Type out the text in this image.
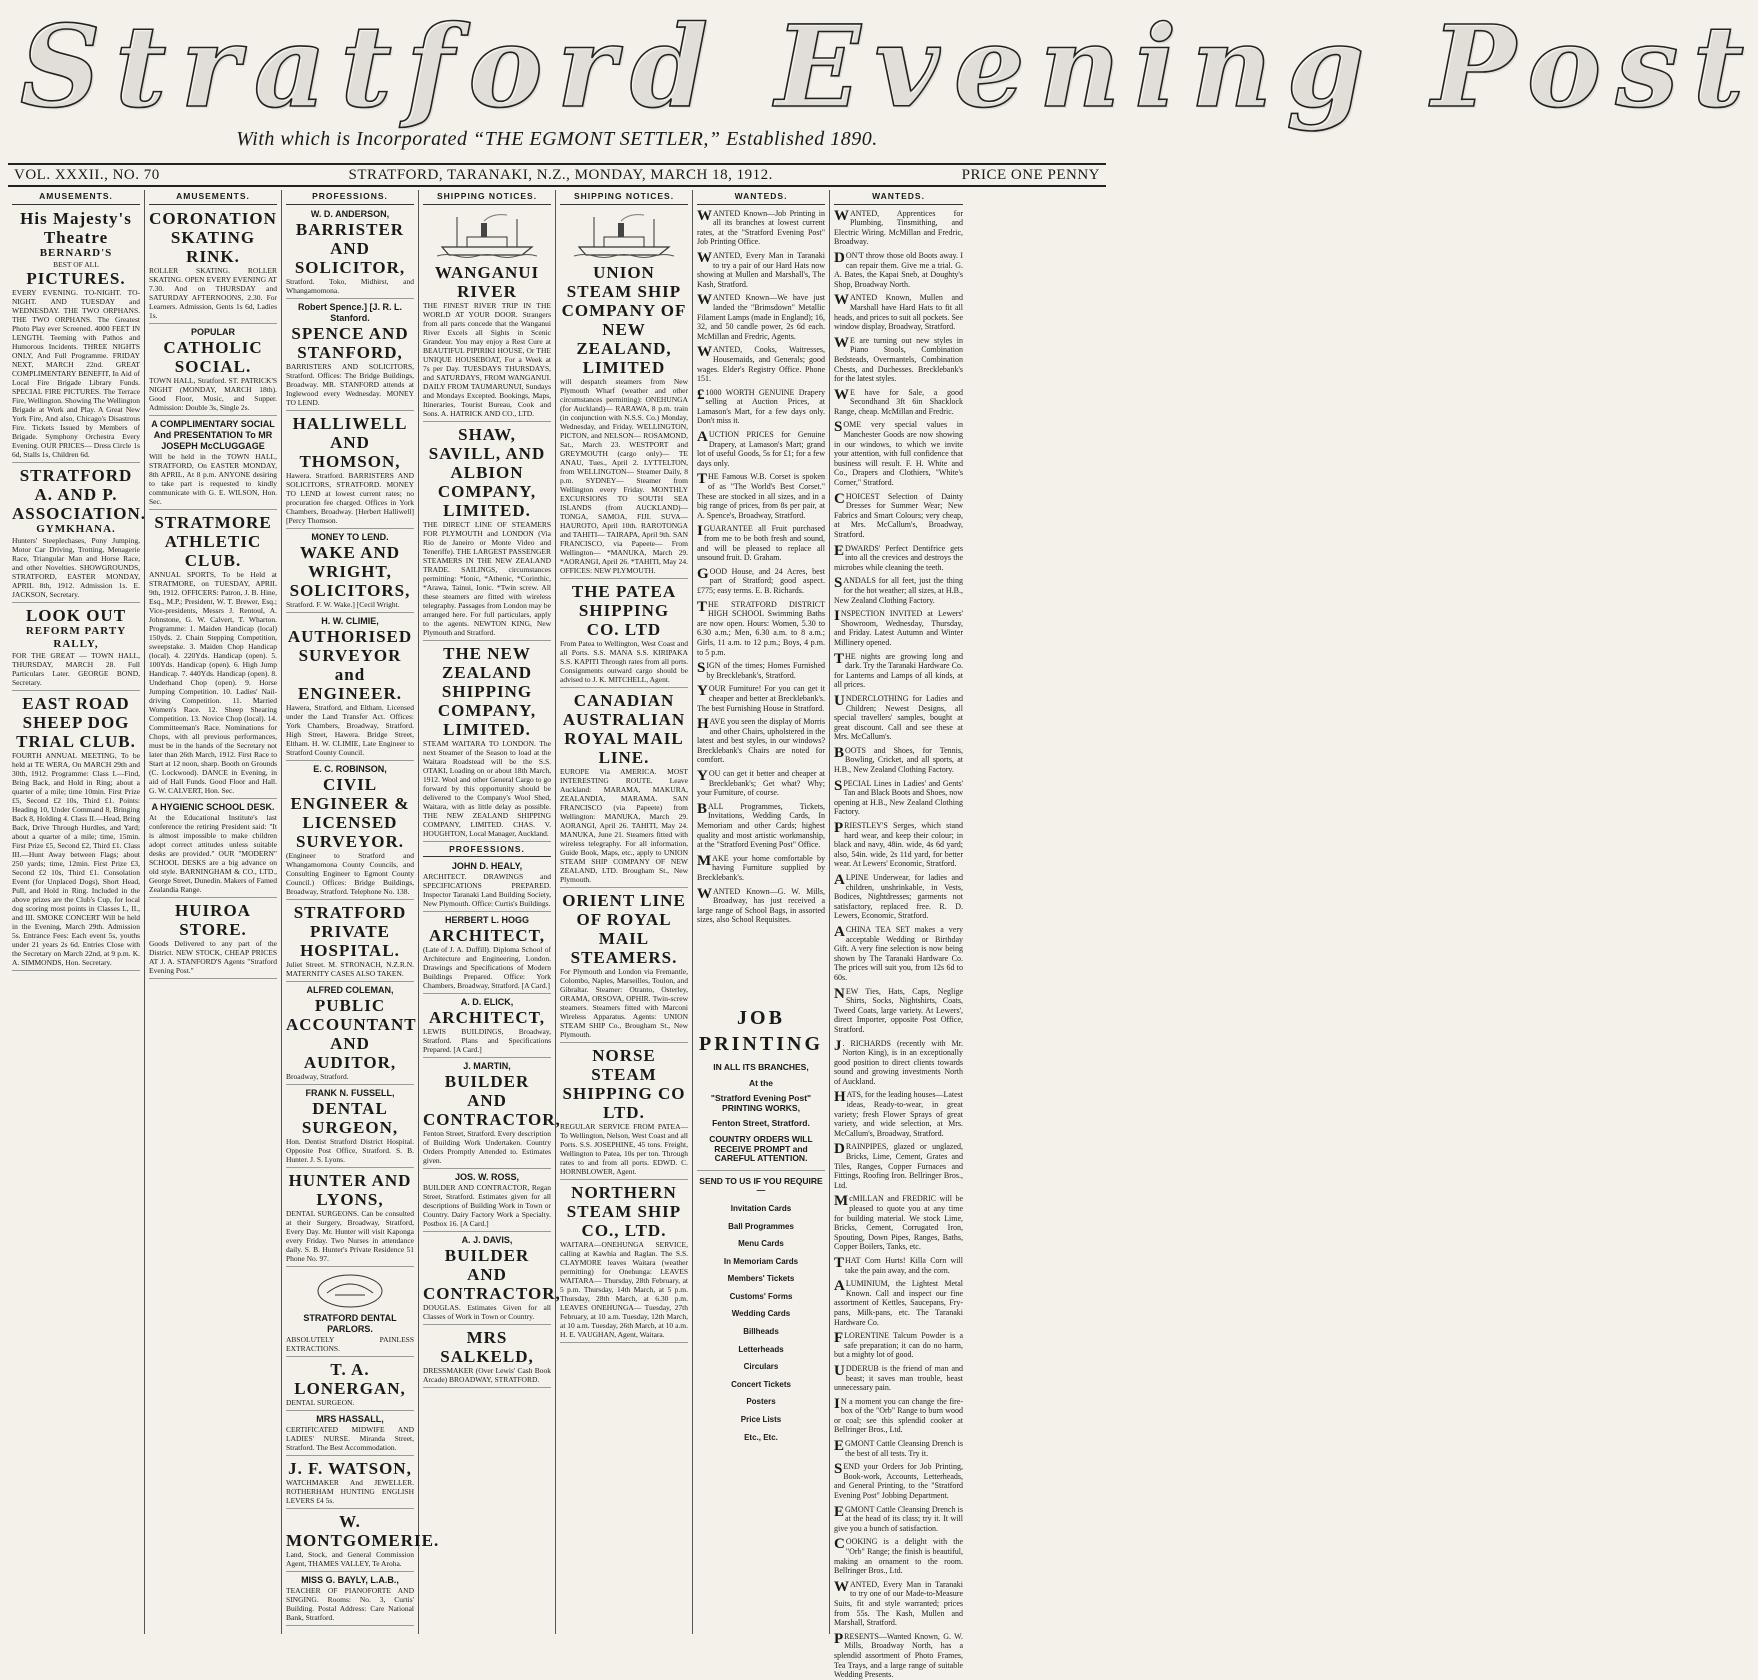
Stratford Evening Post
With which is Incorporated “THE EGMONT SETTLER,” Established 1890.
VOL. XXXII., NO. 70	STRATFORD, TARANAKI, N.Z., MONDAY, MARCH 18, 1912.	PRICE ONE PENNY
AMUSEMENTS.
His Majesty's Theatre
BERNARD'S
BEST OF ALL
PICTURES.
EVERY EVENING. TO-NIGHT. TO-NIGHT. AND TUESDAY and WEDNESDAY. THE TWO ORPHANS. THE TWO ORPHANS. The Greatest Photo Play ever Screened. 4000 FEET IN LENGTH. Teeming with Pathos and Humorous Incidents. THREE NIGHTS ONLY, And Full Programme. FRIDAY NEXT, MARCH 22nd. GREAT COMPLIMENTARY BENEFIT, In Aid of Local Fire Brigade Library Funds. SPECIAL FIRE PICTURES. The Terrace Fire, Wellington. Showing The Wellington Brigade at Work and Play. A Great New York Fire, And also, Chicago's Disastrous Fire. Tickets Issued by Members of Brigade. Symphony Orchestra Every Evening. OUR PRICES— Dress Circle 1s 6d, Stalls 1s, Children 6d.
STRATFORD A. AND P. ASSOCIATION.
GYMKHANA.
Hunters' Steeplechases, Pony Jumping, Motor Car Driving, Trotting, Menagerie Race, Triangular Man and Horse Race, and other Novelties. SHOWGROUNDS, STRATFORD, EASTER MONDAY, APRIL 8th, 1912. Admission 1s. E. JACKSON, Secretary.
LOOK OUT
REFORM PARTY RALLY,
FOR THE GREAT — TOWN HALL, THURSDAY, MARCH 28. Full Particulars Later. GEORGE BOND, Secretary.
EAST ROAD SHEEP DOG TRIAL CLUB.
FOURTH ANNUAL MEETING, To be held at TE WERA, On MARCH 29th and 30th, 1912. Programme: Class I.—Find, Bring Back, and Hold in Ring; about a quarter of a mile; time 10min. First Prize £5, Second £2 10s, Third £1. Points: Heading 10, Under Command 8, Bringing Back 8, Holding 4. Class II.—Head, Bring Back, Drive Through Hurdles, and Yard; about a quarter of a mile; time, 15min. First Prize £5, Second £2, Third £1. Class III.—Hunt Away between Flags; about 250 yards; time, 12min. First Prize £3, Second £2 10s, Third £1. Consolation Event (for Unplaced Dogs), Short Head, Pull, and Hold in Ring. Included in the above prizes are the Club's Cup, for local dog scoring most points in Classes I., II., and III. SMOKE CONCERT Will be held in the Evening, March 29th. Admission 5s. Entrance Fees: Each event 5s, youths under 21 years 2s 6d. Entries Close with the Secretary on March 22nd, at 9 p.m. K. A. SIMMONDS, Hon. Secretary.
AMUSEMENTS.
CORONATION SKATING RINK.
ROLLER SKATING. ROLLER SKATING. OPEN EVERY EVENING AT 7.30. And on THURSDAY and SATURDAY AFTERNOONS, 2.30. For Learners. Admission, Gents 1s 6d, Ladies 1s.
POPULAR
CATHOLIC SOCIAL.
TOWN HALL, Stratford. ST. PATRICK'S NIGHT (MONDAY, MARCH 18th). Good Floor, Music, and Supper. Admission: Double 3s, Single 2s.
A COMPLIMENTARY SOCIAL And PRESENTATION To MR JOSEPH McCLUGGAGE
Will be held in the TOWN HALL, STRATFORD, On EASTER MONDAY, 8th APRIL, At 8 p.m. ANYONE desiring to take part is requested to kindly communicate with G. E. WILSON, Hon. Sec.
STRATMORE ATHLETIC CLUB.
ANNUAL SPORTS, To be Held at STRATMORE, on TUESDAY, APRIL 9th, 1912. OFFICERS: Patron, J. B. Hine, Esq., M.P.; President, W. T. Brewer, Esq.; Vice-presidents, Messrs J. Rentoul, A. Johnstone, G. W. Calvert, T. Wharton. Programme: 1. Maiden Handicap (local) 150yds. 2. Chain Stepping Competition, sweepstake. 3. Maiden Chop Handicap (local). 4. 220Yds. Handicap (open). 5. 100Yds. Handicap (open). 6. High Jump Handicap. 7. 440Yds. Handicap (open). 8. Underhand Chop (open). 9. Horse Jumping Competition. 10. Ladies' Nail-driving Competition. 11. Married Women's Race. 12. Sheep Shearing Competition. 13. Novice Chop (local). 14. Committeeman's Race. Nominations for Chops, with all previous performances, must be in the hands of the Secretary not later than 26th March, 1912. First Race to Start at 12 noon, sharp. Booth on Grounds (C. Lockwood). DANCE in Evening, in aid of Hall Funds. Good Floor and Hall. G. W. CALVERT, Hon. Sec.
A HYGIENIC SCHOOL DESK.
At the Educational Institute's last conference the retiring President said: "It is almost impossible to make children adopt correct attitudes unless suitable desks are provided." OUR "MODERN" SCHOOL DESKS are a big advance on old style. BARNINGHAM & CO., LTD., George Street, Dunedin. Makers of Famed Zealandia Range.
HUIROA STORE.
Goods Delivered to any part of the District. NEW STOCK, CHEAP PRICES AT J. A. STANFORD'S Agents "Stratford Evening Post."
PROFESSIONS.
W. D. ANDERSON,
BARRISTER AND SOLICITOR,
Stratford. Toko, Midhirst, and Whangamomona.
Robert Spence.] [J. R. L. Stanford.
SPENCE AND STANFORD,
BARRISTERS AND SOLICITORS, Stratford. Offices: The Bridge Buildings, Broadway. MR. STANFORD attends at Inglewood every Wednesday. MONEY TO LEND.
HALLIWELL AND THOMSON,
Hawera. Stratford. BARRISTERS AND SOLICITORS, STRATFORD. MONEY TO LEND at lowest current rates; no procuration fee charged. Offices in York Chambers, Broadway. [Herbert Halliwell] [Percy Thomson.
MONEY TO LEND.
WAKE AND WRIGHT, SOLICITORS,
Stratford. F. W. Wake.] [Cecil Wright.
H. W. CLIMIE,
AUTHORISED SURVEYOR and ENGINEER.
Hawera, Stratford, and Eltham. Licensed under the Land Transfer Act. Offices: York Chambers, Broadway, Stratford. High Street, Hawera. Bridge Street, Eltham. H. W. CLIMIE, Late Engineer to Stratford County Council.
E. C. ROBINSON,
CIVIL ENGINEER & LICENSED SURVEYOR.
(Engineer to Stratford and Whangamomona County Councils, and Consulting Engineer to Egmont County Council.) Offices: Bridge Buildings, Broadway, Stratford. Telephone No. 138.
STRATFORD PRIVATE HOSPITAL.
Juliet Street. M. STRONACH, N.Z.R.N. MATERNITY CASES ALSO TAKEN.
ALFRED COLEMAN,
PUBLIC ACCOUNTANT AND AUDITOR,
Broadway, Stratford.
FRANK N. FUSSELL,
DENTAL SURGEON,
Hon. Dentist Stratford District Hospital. Opposite Post Office, Stratford. S. B. Hunter. J. S. Lyons.
HUNTER AND LYONS,
DENTAL SURGEONS. Can be consulted at their Surgery, Broadway, Stratford, Every Day. Mr. Hunter will visit Kaponga every Friday. Two Nurses in attendance daily. S. B. Hunter's Private Residence 51 Phone No. 97.
STRATFORD DENTAL PARLORS.
ABSOLUTELY PAINLESS EXTRACTIONS.
T. A. LONERGAN,
DENTAL SURGEON.
MRS HASSALL,
CERTIFICATED MIDWIFE AND LADIES' NURSE. Miranda Street, Stratford. The Best Accommodation.
J. F. WATSON,
WATCHMAKER And JEWELLER. ROTHERHAM HUNTING ENGLISH LEVERS £4 5s.
W. MONTGOMERIE.
Land, Stock, and General Commission Agent, THAMES VALLEY, Te Aroha.
MISS G. BAYLY, L.A.B.,
TEACHER OF PIANOFORTE AND SINGING. Rooms: No. 3, Curtis' Building. Postal Address: Care National Bank, Stratford.
SHIPPING NOTICES.
WANGANUI RIVER
THE FINEST RIVER TRIP IN THE WORLD AT YOUR DOOR. Strangers from all parts concede that the Wanganui River Excels all Sights in Scenic Grandeur. You may enjoy a Rest Cure at BEAUTIFUL PIPIRIKI HOUSE, Or THE UNIQUE HOUSEBOAT, For a Week at 7s per Day. TUESDAYS THURSDAYS, and SATURDAYS, FROM WANGANUI. DAILY FROM TAUMARUNUI, Sundays and Mondays Excepted. Bookings, Maps, Itineraries, Tourist Bureau, Cook and Sons. A. HATRICK AND CO., LTD.
SHAW, SAVILL, AND ALBION COMPANY, LIMITED.
THE DIRECT LINE OF STEAMERS FOR PLYMOUTH and LONDON (Via Rio de Janeiro or Monte Video and Teneriffe). THE LARGEST PASSENGER STEAMERS IN THE NEW ZEALAND TRADE. SAILINGS, circumstances permitting: *Ionic, *Athenic, *Corinthic, *Arawa, Tainui, Ionic. *Twin screw. All these steamers are fitted with wireless telegraphy. Passages from London may be arranged here. For full particulars, apply to the agents. NEWTON KING, New Plymouth and Stratford.
THE NEW ZEALAND SHIPPING COMPANY, LIMITED.
STEAM WAITARA TO LONDON. The next Steamer of the Season to load at the Waitara Roadstead will be the S.S. OTAKI, Loading on or about 18th March, 1912. Wool and other General Cargo to go forward by this opportunity should be delivered to the Company's Wool Shed, Waitara, with as little delay as possible. THE NEW ZEALAND SHIPPING COMPANY, LIMITED. CHAS. V. HOUGHTON, Local Manager, Auckland.
PROFESSIONS.
JOHN D. HEALY,
ARCHITECT. DRAWINGS and SPECIFICATIONS PREPARED. Inspector Taranaki Land Building Society, New Plymouth. Office: Curtis's Buildings.
HERBERT L. HOGG
ARCHITECT,
(Late of J. A. Duffill). Diploma School of Architecture and Engineering, London. Drawings and Specifications of Modern Buildings Prepared. Office: York Chambers, Broadway, Stratford. [A Card.]
A. D. ELICK,
ARCHITECT,
LEWIS BUILDINGS, Broadway, Stratford. Plans and Specifications Prepared. [A Card.]
J. MARTIN,
BUILDER AND CONTRACTOR,
Fenton Street, Stratford. Every description of Building Work Undertaken. Country Orders Promptly Attended to. Estimates given.
JOS. W. ROSS,
BUILDER AND CONTRACTOR, Regan Street, Stratford. Estimates given for all descriptions of Building Work in Town or Country. Dairy Factory Work a Specialty. Postbox 16. [A Card.]
A. J. DAVIS,
BUILDER AND CONTRACTOR,
DOUGLAS. Estimates Given for all Classes of Work in Town or Country.
MRS SALKELD,
DRESSMAKER (Over Lewis' Cash Book Arcade) BROADWAY, STRATFORD.
SHIPPING NOTICES.
UNION STEAM SHIP COMPANY OF NEW ZEALAND, LIMITED
will despatch steamers from New Plymouth Wharf (weather and other circumstances permitting): ONEHUNGA (for Auckland)— RARAWA, 8 p.m. train (in conjunction with N.S.S. Co.) Monday, Wednesday, and Friday. WELLINGTON, PICTON, and NELSON— ROSAMOND, Sat., March 23. WESTPORT and GREYMOUTH (cargo only)— TE ANAU, Tues., April 2. LYTTELTON, from WELLINGTON— Steamer Daily, 8 p.m. SYDNEY— Steamer from Wellington every Friday. MONTHLY EXCURSIONS TO SOUTH SEA ISLANDS (from AUCKLAND)— TONGA, SAMOA, FIJI. SUVA— HAUROTO, April 10th. RAROTONGA and TAHITI— TAIRAPA, April 9th. SAN FRANCISCO, via Papeete— From Wellington— *MANUKA, March 29. *AORANGI, April 26. *TAHITI, May 24. OFFICES: NEW PLYMOUTH.
THE PATEA SHIPPING CO. LTD
From Patea to Wellington, West Coast and all Ports. S.S. MANA S.S. KIRIPAKA S.S. KAPITI Through rates from all ports. Consignments outward cargo should be advised to J. K. MITCHELL, Agent.
CANADIAN AUSTRALIAN ROYAL MAIL LINE.
EUROPE Via AMERICA. MOST INTERESTING ROUTE. Leave Auckland: MARAMA, MAKURA, ZEALANDIA, MARAMA. SAN FRANCISCO (via Papeete) from Wellington: MANUKA, March 29. AORANGI, April 26. TAHITI, May 24. MANUKA, June 21. Steamers fitted with wireless telegraphy. For all information, Guide Book, Maps, etc., apply to UNION STEAM SHIP COMPANY OF NEW ZEALAND, LTD. Brougham St., New Plymouth.
ORIENT LINE OF ROYAL MAIL STEAMERS.
For Plymouth and London via Fremantle, Colombo, Naples, Marseilles, Toulon, and Gibraltar. Steamer: Otranto, Osterley, ORAMA, ORSOVA, OPHIR. Twin-screw steamers. Steamers fitted with Marconi Wireless Apparatus. Agents: UNION STEAM SHIP Co., Brougham St., New Plymouth.
NORSE STEAM SHIPPING CO LTD.
REGULAR SERVICE FROM PATEA— To Wellington, Nelson, West Coast and all Ports. S.S. JOSEPHINE, 45 tons. Freight, Wellington to Patea, 10s per ton. Through rates to and from all ports. EDWD. C. HORNBLOWER, Agent.
NORTHERN STEAM SHIP CO., LTD.
WAITARA—ONEHUNGA SERVICE, calling at Kawhia and Raglan. The S.S. CLAYMORE leaves Waitara (weather permitting) for Onehunga: LEAVES WAITARA— Thursday, 28th February, at 5 p.m. Thursday, 14th March, at 5 p.m. Thursday, 28th March, at 6.30 p.m. LEAVES ONEHUNGA— Tuesday, 27th February, at 10 a.m. Tuesday, 12th March, at 10 a.m. Tuesday, 26th March, at 10 a.m. H. E. VAUGHAN, Agent, Waitara.
WANTEDS.
WANTED Known—Job Printing in all its branches at lowest current rates, at the "Stratford Evening Post" Job Printing Office.
WANTED, Every Man in Taranaki to try a pair of our Hard Hats now showing at Mullen and Marshall's, The Kash, Stratford.
WANTED Known—We have just landed the "Brimsdown" Metallic Filament Lamps (made in England); 16, 32, and 50 candle power, 2s 6d each. McMillan and Fredric, Agents.
WANTED, Cooks, Waitresses, Housemaids, and Generals; good wages. Elder's Registry Office. Phone 151.
£ 1000 WORTH GENUINE Drapery selling at Auction Prices, at Lamason's Mart, for a few days only. Don't miss it.
AUCTION PRICES for Genuine Drapery, at Lamason's Mart; grand lot of useful Goods, 5s for £1; for a few days only.
THE Famous W.B. Corset is spoken of as "The World's Best Corset." These are stocked in all sizes, and in a big range of prices, from 8s per pair, at A. Spence's, Broadway, Stratford.
IGUARANTEE all Fruit purchased from me to be both fresh and sound, and will be pleased to replace all unsound fruit. D. Graham.
GOOD House, and 24 Acres, best part of Stratford; good aspect. £775; easy terms. E. B. Richards.
THE STRATFORD DISTRICT HIGH SCHOOL Swimming Baths are now open. Hours: Women, 5.30 to 6.30 a.m.; Men, 6.30 a.m. to 8 a.m.; Girls, 11 a.m. to 12 p.m.; Boys, 4 p.m. to 5 p.m.
SIGN of the times; Homes Furnished by Brecklebank's, Stratford.
YOUR Furniture! For you can get it cheaper and better at Brecklebank's. The best Furnishing House in Stratford.
HAVE you seen the display of Morris and other Chairs, upholstered in the latest and best styles, in our windows? Brecklebank's Chairs are noted for comfort.
YOU can get it better and cheaper at Brecklebank's; Get what? Why; your Furniture, of course.
BALL Programmes, Tickets, Invitations, Wedding Cards, In Memoriam and other Cards; highest quality and most artistic workmanship, at the "Stratford Evening Post" Office.
MAKE your home comfortable by having Furniture supplied by Brecklebank's.
WANTED Known—G. W. Mills, Broadway, has just received a large range of School Bags, in assorted sizes, also School Requisites.
JOB
PRINTING
IN ALL ITS BRANCHES,
At the
"Stratford Evening Post" PRINTING WORKS,
Fenton Street, Stratford.
COUNTRY ORDERS WILL RECEIVE PROMPT and CAREFUL ATTENTION.
SEND TO US IF YOU REQUIRE—
Invitation Cards
Ball Programmes
Menu Cards
In Memoriam Cards
Members' Tickets
Customs' Forms
Wedding Cards
Billheads
Letterheads
Circulars
Concert Tickets
Posters
Price Lists
Etc., Etc.
WANTEDS.
WANTED, Apprentices for Plumbing, Tinsmithing, and Electric Wiring. McMillan and Fredric, Broadway.
DON'T throw those old Boots away. I can repair them. Give me a trial. G. A. Bates, the Kapai Sneb, at Doughty's Shop, Broadway North.
WANTED Known, Mullen and Marshall have Hard Hats to fit all heads, and prices to suit all pockets. See window display, Broadway, Stratford.
W E are turning out new styles in Piano Stools, Combination Bedsteads, Overmantels, Combination Chests, and Duchesses. Brecklebank's for the latest styles.
W E have for Sale, a good Secondhand 3ft 6in Shacklock Range, cheap. McMillan and Fredric.
SOME very special values in Manchester Goods are now showing in our windows, to which we invite your attention, with full confidence that business will result. F. H. White and Co., Drapers and Clothiers, "White's Corner," Stratford.
CHOICEST Selection of Dainty Dresses for Summer Wear; New Fabrics and Smart Colours; very cheap, at Mrs. McCallum's, Broadway, Stratford.
EDWARDS' Perfect Dentifrice gets into all the crevices and destroys the microbes while cleaning the teeth.
SANDALS for all feet, just the thing for the hot weather; all sizes, at H.B., New Zealand Clothing Factory.
INSPECTION INVITED at Lewers' Showroom, Wednesday, Thursday, and Friday. Latest Autumn and Winter Millinery opened.
THE nights are growing long and dark. Try the Taranaki Hardware Co. for Lanterns and Lamps of all kinds, at all prices.
UNDERCLOTHING for Ladies and Children; Newest Designs, all special travellers' samples, bought at great discount. Call and see these at Mrs. McCallum's.
BOOTS and Shoes, for Tennis, Bowling, Cricket, and all sports, at H.B., New Zealand Clothing Factory.
SPECIAL Lines in Ladies' and Gents' Tan and Black Boots and Shoes, now opening at H.B., New Zealand Clothing Factory.
PRIESTLEY'S Serges, which stand hard wear, and keep their colour; in black and navy, 48in. wide, 4s 6d yard; also, 54in. wide, 2s 11d yard, for better wear. At Lewers' Economic, Stratford.
ALPINE Underwear, for ladies and children, unshrinkable, in Vests, Bodices, Nightdresses; garments not satisfactory, replaced free. R. D. Lewers, Economic, Stratford.
ACHINA TEA SET makes a very acceptable Wedding or Birthday Gift. A very fine selection is now being shown by The Taranaki Hardware Co. The prices will suit you, from 12s 6d to 60s.
NEW Ties, Hats, Caps, Neglige Shirts, Socks, Nightshirts, Coats, Tweed Coats, large variety. At Lewers', direct Importer, opposite Post Office, Stratford.
J . RICHARDS (recently with Mr. Norton King), is in an exceptionally good position to direct clients towards sound and growing investments North of Auckland.
HATS, for the leading houses—Latest ideas, Ready-to-wear, in great variety; fresh Flower Sprays of great variety, and wide selection, at Mrs. McCallum's, Broadway, Stratford.
DRAINPIPES, glazed or unglazed, Bricks, Lime, Cement, Grates and Tiles, Ranges, Copper Furnaces and Fittings, Roofing Iron. Bellringer Bros., Ltd.
McMILLAN and FREDRIC will be pleased to quote you at any time for building material. We stock Lime, Bricks, Cement, Corrugated Iron, Spouting, Down Pipes, Ranges, Baths, Copper Boilers, Tanks, etc.
THAT Corn Hurts! Killa Corn will take the pain away, and the corn.
ALUMINIUM, the Lightest Metal Known. Call and inspect our fine assortment of Kettles, Saucepans, Fry-pans, Milk-pans, etc. The Taranaki Hardware Co.
FLORENTINE Talcum Powder is a safe preparation; it can do no harm, but a mighty lot of good.
UDDERUB is the friend of man and beast; it saves man trouble, beast unnecessary pain.
I N a moment you can change the fire-box of the "Orb" Range to burn wood or coal; see this splendid cooker at Bellringer Bros., Ltd.
EGMONT Cattle Cleansing Drench is the best of all tests. Try it.
SEND your Orders for Job Printing, Book-work, Accounts, Letterheads, and General Printing, to the "Stratford Evening Post" Jobbing Department.
EGMONT Cattle Cleansing Drench is at the head of its class; try it. It will give you a bunch of satisfaction.
COOKING is a delight with the "Orb" Range; the finish is beautiful, making an ornament to the room. Bellringer Bros., Ltd.
WANTED, Every Man in Taranaki to try one of our Made-to-Measure Suits, fit and style warranted; prices from 55s. The Kash, Mullen and Marshall, Stratford.
PRESENTS—Wanted Known, G. W. Mills, Broadway North, has a splendid assortment of Photo Frames, Tea Trays, and a large range of suitable Wedding Presents.
